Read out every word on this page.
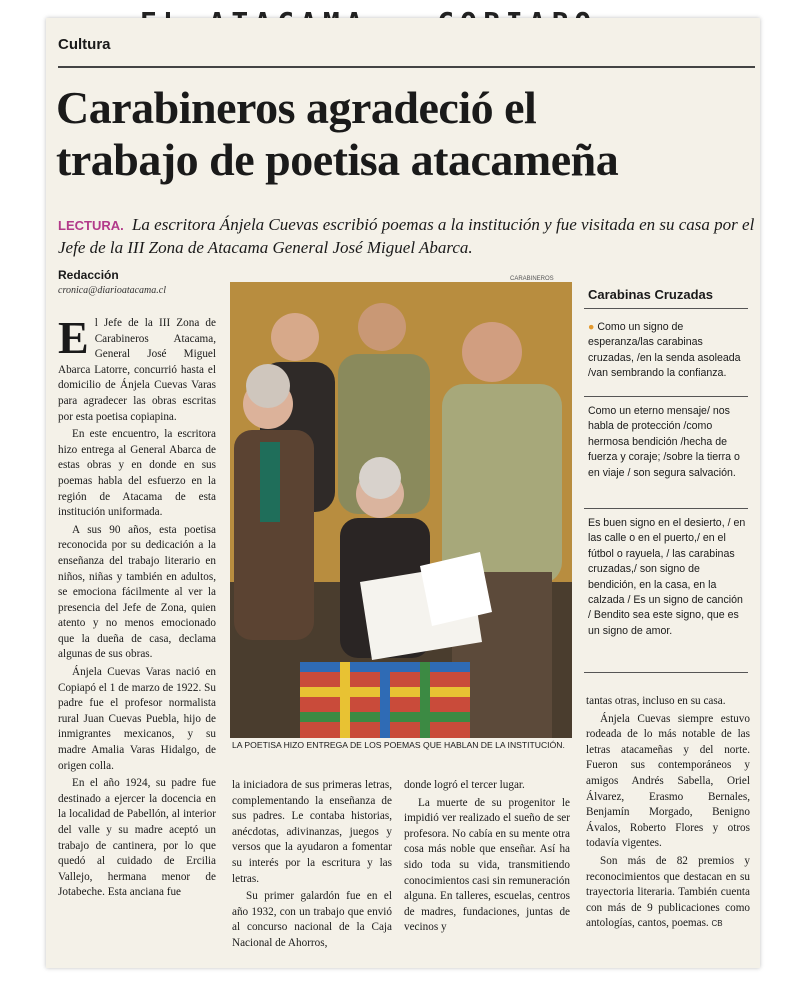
Cultura
Carabineros agradeció el
trabajo de poetisa atacameña
LECTURA. La escritora Ánjela Cuevas escribió poemas a la institución y fue visitada en su casa por el Jefe de la III Zona de Atacama General José Miguel Abarca.
Redacción
cronica@diarioatacama.cl

El Jefe de la III Zona de Carabineros Atacama, General José Miguel Abarca Latorre, concurrió hasta el domicilio de Ánjela Cuevas Varas para agradecer las obras escritas por esta poetisa copiapina.

En este encuentro, la escritora hizo entrega al General Abarca de estas obras y en donde en sus poemas habla del esfuerzo en la región de Atacama de esta institución uniformada.

A sus 90 años, esta poetisa reconocida por su dedicación a la enseñanza del trabajo literario en niños, niñas y también en adultos, se emociona fácilmente al ver la presencia del Jefe de Zona, quien atento y no menos emocionado que la dueña de casa, declama algunas de sus obras.

Ánjela Cuevas Varas nació en Copiapó el 1 de marzo de 1922. Su padre fue el profesor normalista rural Juan Cuevas Puebla, hijo de inmigrantes mexicanos, y su madre Amalia Varas Hidalgo, de origen colla.

En el año 1924, su padre fue destinado a ejercer la docencia en la localidad de Pabellón, al interior del valle y su madre aceptó un trabajo de cantinera, por lo que quedó al cuidado de Ercilia Vallejo, hermana menor de Jotabeche. Esta anciana fue

CARABINEROS
LA POETISA HIZO ENTREGA DE LOS POEMAS QUE HABLAN DE LA INSTITUCIÓN.

la iniciadora de sus primeras letras, complementando la enseñanza de sus padres. Le contaba historias, anécdotas, adivinanzas, juegos y versos que la ayudaron a fomentar su interés por la escritura y las letras.

Su primer galardón fue en el año 1932, con un trabajo que envió al concurso nacional de la Caja Nacional de Ahorros,

donde logró el tercer lugar.

La muerte de su progenitor le impidió ver realizado el sueño de ser profesora. No cabía en su mente otra cosa más noble que enseñar. Así ha sido toda su vida, transmitiendo conocimientos casi sin remuneración alguna. En talleres, escuelas, centros de madres, fundaciones, juntas de vecinos y

Carabinas Cruzadas
● Como un signo de esperanza/las carabinas cruzadas, /en la senda asoleada /van sembrando la confianza.
Como un eterno mensaje/ nos habla de protección /como hermosa bendición /hecha de fuerza y coraje; /sobre la tierra o en viaje / son segura salvación.
Es buen signo en el desierto, / en las calle o en el puerto,/ en el fútbol o rayuela, / las carabinas cruzadas,/ son signo de bendición, en la casa, en la calzada / Es un signo de canción / Bendito sea este signo, que es un signo de amor.

tantas otras, incluso en su casa.

Ánjela Cuevas siempre estuvo rodeada de lo más notable de las letras atacameñas y del norte. Fueron sus contemporáneos y amigos Andrés Sabella, Oriel Álvarez, Erasmo Bernales, Benjamín Morgado, Benigno Ávalos, Roberto Flores y otros todavía vigentes.

Son más de 82 premios y reconocimientos que destacan en su trayectoria literaria. También cuenta con más de 9 publicaciones como antologías, cantos, poemas. CB
